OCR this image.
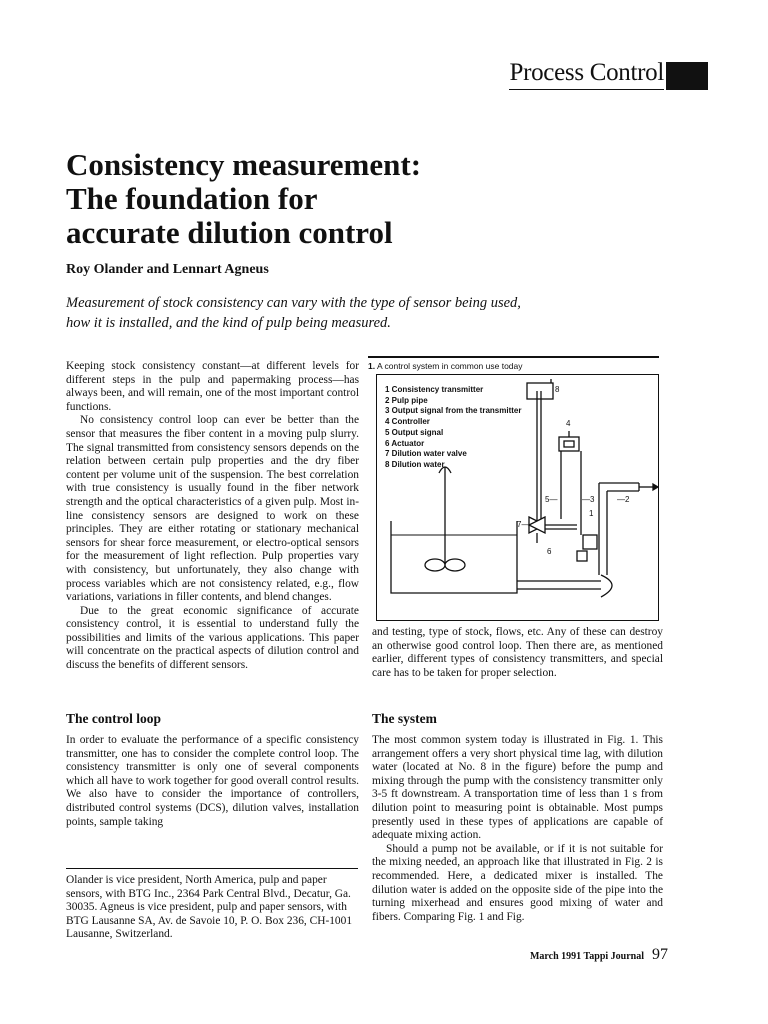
Process Control
Consistency measurement:
The foundation for
accurate dilution control
Roy Olander and Lennart Agneus
Measurement of stock consistency can vary with the type of sensor being used,
how it is installed, and the kind of pulp being measured.

Keeping stock consistency constant—at different levels for different steps in the pulp and papermaking process—has always been, and will remain, one of the most important control functions.

No consistency control loop can ever be better than the sensor that measures the fiber content in a moving pulp slurry. The signal transmitted from consistency sensors depends on the relation between certain pulp properties and the dry fiber content per volume unit of the suspension. The best correlation with true consistency is usually found in the fiber network strength and the optical characteristics of a given pulp. Most in-line consistency sensors are designed to work on these principles. They are either rotating or stationary mechanical sensors for shear force measurement, or electro-optical sensors for the measurement of light reflection. Pulp properties vary with consistency, but unfortunately, they also change with process variables which are not consistency related, e.g., flow variations, variations in filler contents, and blend changes.

Due to the great economic significance of accurate consistency control, it is essential to understand fully the possibilities and limits of the various applications. This paper will concentrate on the practical aspects of dilution control and discuss the benefits of different sensors.

The control loop

In order to evaluate the performance of a specific consistency transmitter, one has to consider the complete control loop. The consistency transmitter is only one of several components which all have to work together for good overall control results. We also have to consider the importance of controllers, distributed control systems (DCS), dilution valves, installation points, sample taking

Olander is vice president, North America, pulp and paper sensors, with BTG Inc., 2364 Park Central Blvd., Decatur, Ga. 30035. Agneus is vice president, pulp and paper sensors, with BTG Lausanne SA, Av. de Savoie 10, P. O. Box 236, CH-1001 Lausanne, Switzerland.

1. A control system in common use today
1 Consistency transmitter
2 Pulp pipe
3 Output signal from the transmitter
4 Controller
5 Output signal
6 Actuator
7 Dilution water valve
8 Dilution water
8
4
5—	—3	—2
1
7—
6

and testing, type of stock, flows, etc. Any of these can destroy an otherwise good control loop. Then there are, as mentioned earlier, different types of consistency transmitters, and special care has to be taken for proper selection.

The system

The most common system today is illustrated in Fig. 1. This arrangement offers a very short physical time lag, with dilution water (located at No. 8 in the figure) before the pump and mixing through the pump with the consistency transmitter only 3-5 ft downstream. A transportation time of less than 1 s from dilution point to measuring point is obtainable. Most pumps presently used in these types of applications are capable of adequate mixing action.

Should a pump not be available, or if it is not suitable for the mixing needed, an approach like that illustrated in Fig. 2 is recommended. Here, a dedicated mixer is installed. The dilution water is added on the opposite side of the pipe into the turning mixerhead and ensures good mixing of water and fibers. Comparing Fig. 1 and Fig.

March 1991 Tappi Journal 97
